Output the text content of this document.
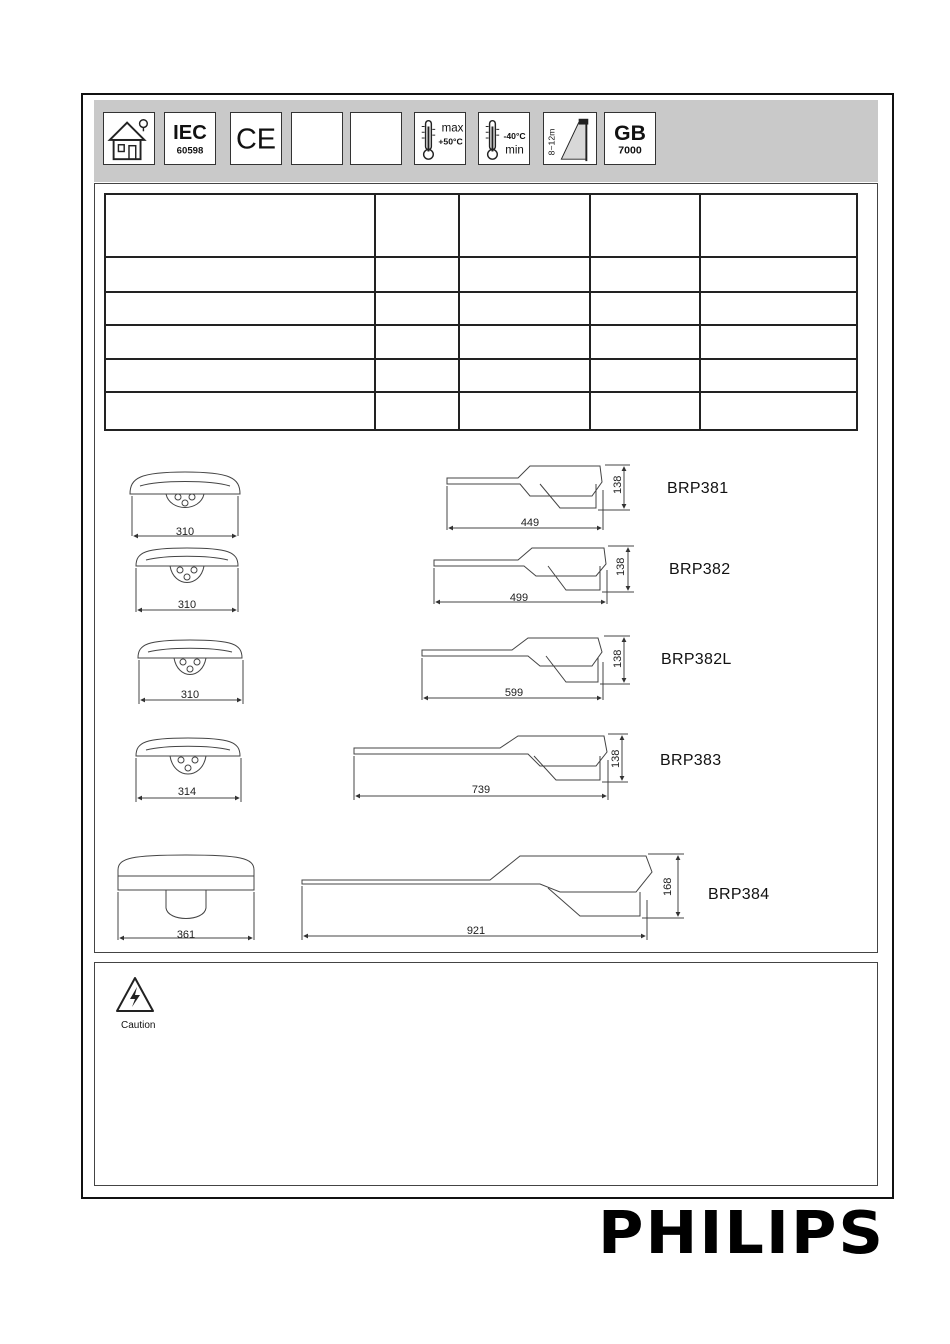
IEC
60598 CE	max
+50°C
-40°C
min	8~12m	GB
7000

310
449
138
310
499
138
310	599
138
314	739
138
361	921
168
BRP381
BRP382
BRP382L
BRP383
BRP384
Caution
PHILIPS
